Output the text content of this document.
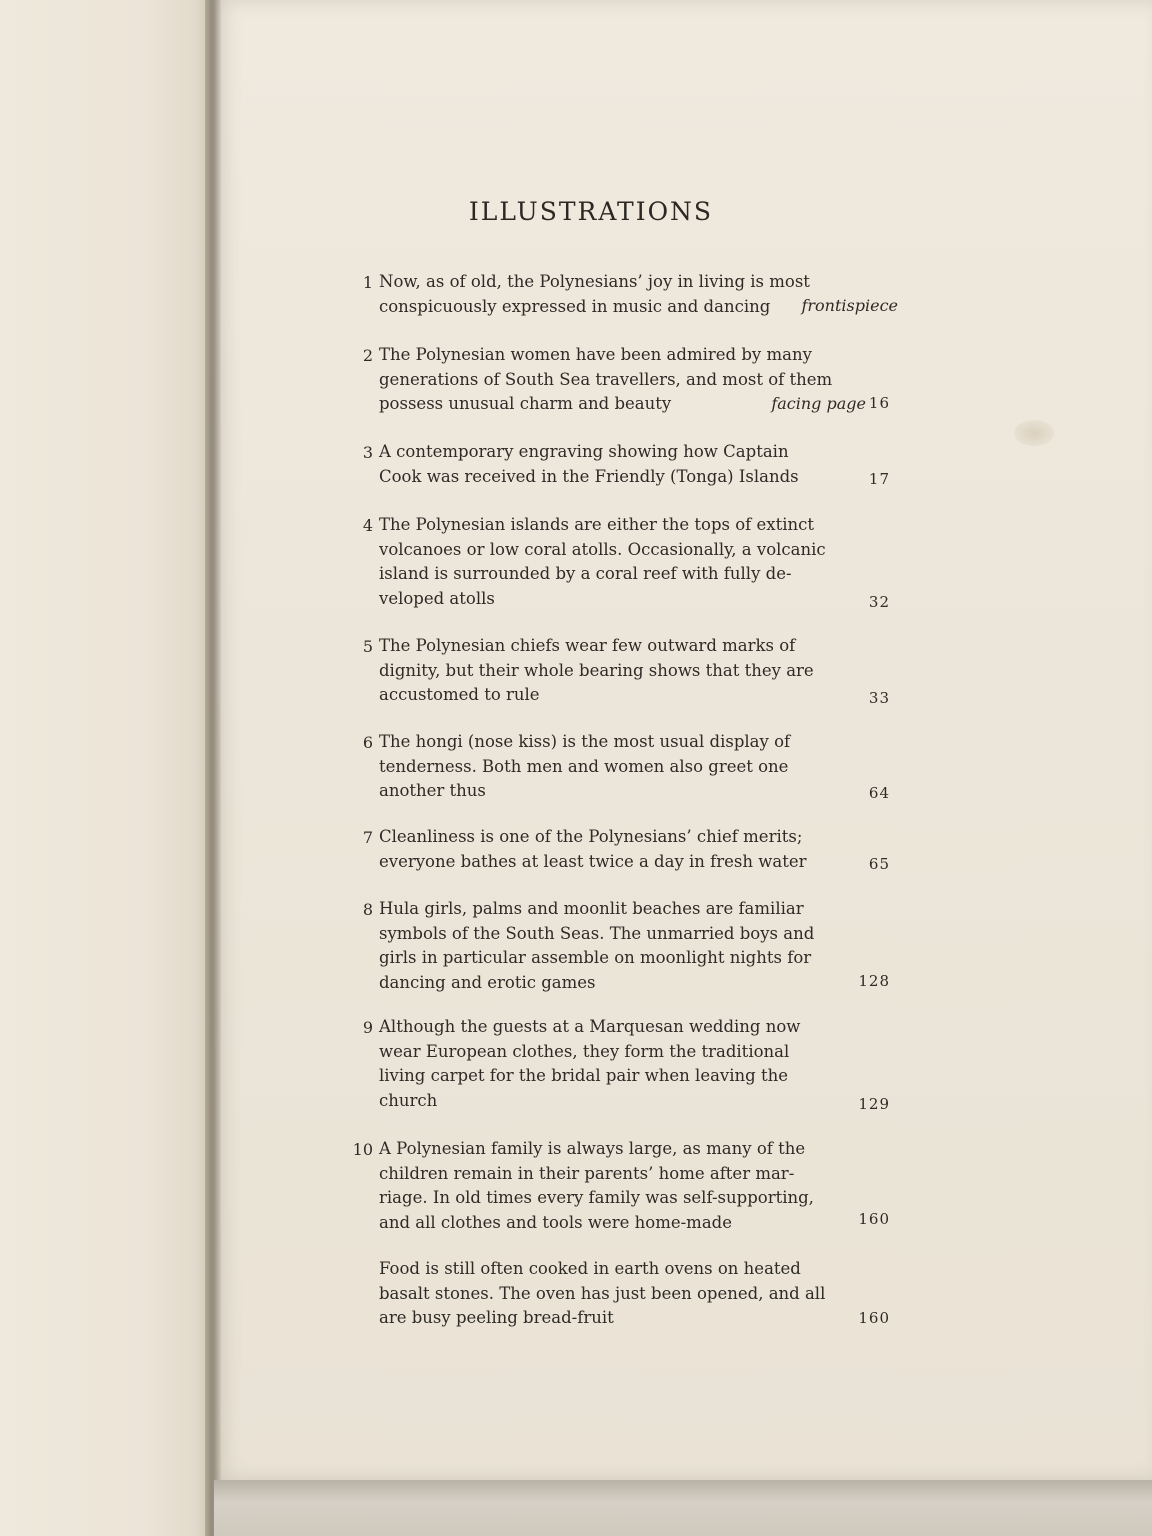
ILLUSTRATIONS
1 Now, as of old, the Polynesians’ joy in living is most
conspicuously expressed in music and dancing	frontispiece
2 The Polynesian women have been admired by many
generations of South Sea travellers, and most of them
possess unusual charm and beauty	facing page 16
3 A contemporary engraving showing how Captain
Cook was received in the Friendly (Tonga) Islands	17
4 The Polynesian islands are either the tops of extinct
volcanoes or low coral atolls. Occasionally, a volcanic
island is surrounded by a coral reef with fully de-
veloped atolls	32
5 The Polynesian chiefs wear few outward marks of
dignity, but their whole bearing shows that they are
accustomed to rule	33
6 The hongi (nose kiss) is the most usual display of
tenderness. Both men and women also greet one
another thus	64
7 Cleanliness is one of the Polynesians’ chief merits;
everyone bathes at least twice a day in fresh water	65
8 Hula girls, palms and moonlit beaches are familiar
symbols of the South Seas. The unmarried boys and
girls in particular assemble on moonlight nights for
dancing and erotic games	128
9 Although the guests at a Marquesan wedding now
wear European clothes, they form the traditional
living carpet for the bridal pair when leaving the
church	129
10 A Polynesian family is always large, as many of the
children remain in their parents’ home after mar-
riage. In old times every family was self-supporting,
and all clothes and tools were home-made	160
Food is still often cooked in earth ovens on heated
basalt stones. The oven has just been opened, and all
are busy peeling bread-fruit	160
